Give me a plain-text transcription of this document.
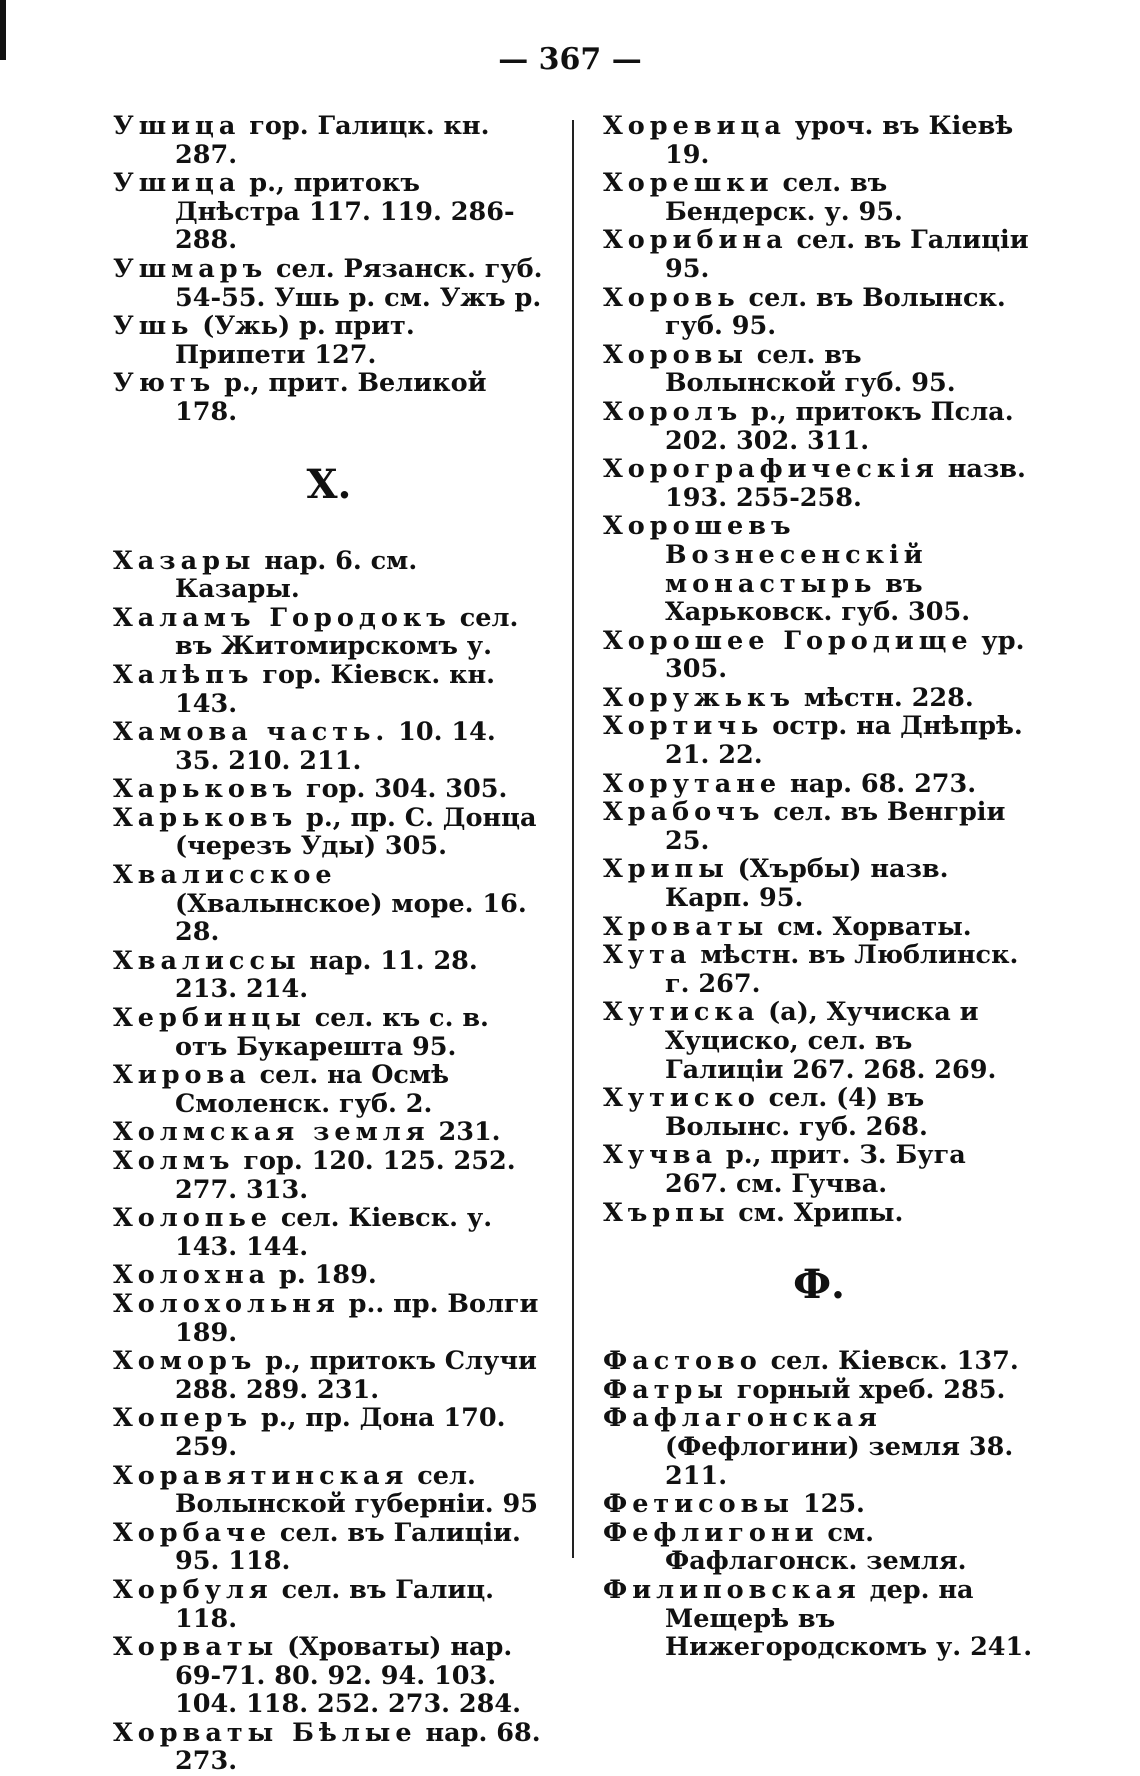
— 367 —

Ушица гор. Галицк. кн. 287.

Ушица р., притокъ Днѣстра 117. 119. 286-288.

Ушмаръ сел. Рязанск. губ. 54-55. Ушь р. см. Ужъ р.

Ушь (Ужь) р. прит. Припети 127.

Уютъ р., прит. Великой 178.

Х.

Хазары нар. 6. см. Казары.

Халамъ Городокъ сел. въ Житомирскомъ у.

Халѣпъ гор. Кіевск. кн. 143.

Хамова часть. 10. 14. 35. 210. 211.

Харьковъ гор. 304. 305.

Харьковъ р., пр. С. Донца (черезъ Уды) 305.

Хвалисское (Хвалынское) море. 16. 28.

Хвалиссы нар. 11. 28. 213. 214.

Хербинцы сел. къ с. в. отъ Букарешта 95.

Хирова сел. на Осмѣ Смоленск. губ. 2.

Холмская земля 231.

Холмъ гор. 120. 125. 252. 277. 313.

Холопье сел. Кіевск. у. 143. 144.

Холохна р. 189.

Холохольня р.. пр. Волги 189.

Хоморъ р., притокъ Случи 288. 289. 231.

Хоперъ р., пр. Дона 170. 259.

Хоравятинская сел. Волынской губерніи. 95

Хорбаче сел. въ Галиціи. 95. 118.

Хорбуля сел. въ Галиц. 118.

Хорваты (Хроваты) нар. 69-71. 80. 92. 94. 103. 104. 118. 252. 273. 284.

Хорваты Бѣлые нар. 68. 273.

Хоревица уроч. въ Кіевѣ 19.

Хорешки сел. въ Бендерск. у. 95.

Хорибина сел. въ Галиціи 95.

Хоровь сел. въ Волынск. губ. 95.

Хоровы сел. въ Волынской губ. 95.

Хоролъ р., притокъ Псла. 202. 302. 311.

Хорографическія назв. 193. 255-258.

Хорошевъ Вознесенскій монастырь въ Харьковск. губ. 305.

Хорошее Городище ур. 305.

Хоружькъ мѣстн. 228.

Хортичь остр. на Днѣпрѣ. 21. 22.

Хорутане нар. 68. 273.

Храбочъ сел. въ Венгріи 25.

Хрипы (Хърбы) назв. Карп. 95.

Хроваты см. Хорваты.

Хута мѣстн. въ Люблинск. г. 267.

Хутиска (а), Хучиска и Хуциско, сел. въ Галиціи 267. 268. 269.

Хутиско сел. (4) въ Волынс. губ. 268.

Хучва р., прит. З. Буга 267. см. Гучва.

Хърпы см. Хрипы.

Ф.

Фастово сел. Кіевск. 137.

Фатры горный хреб. 285.

Фафлагонская (Фефлогини) земля 38. 211.

Фетисовы 125.

Фефлигони см. Фафлагонск. земля.

Филиповская дер. на Мещерѣ въ Нижегородскомъ у. 241.
